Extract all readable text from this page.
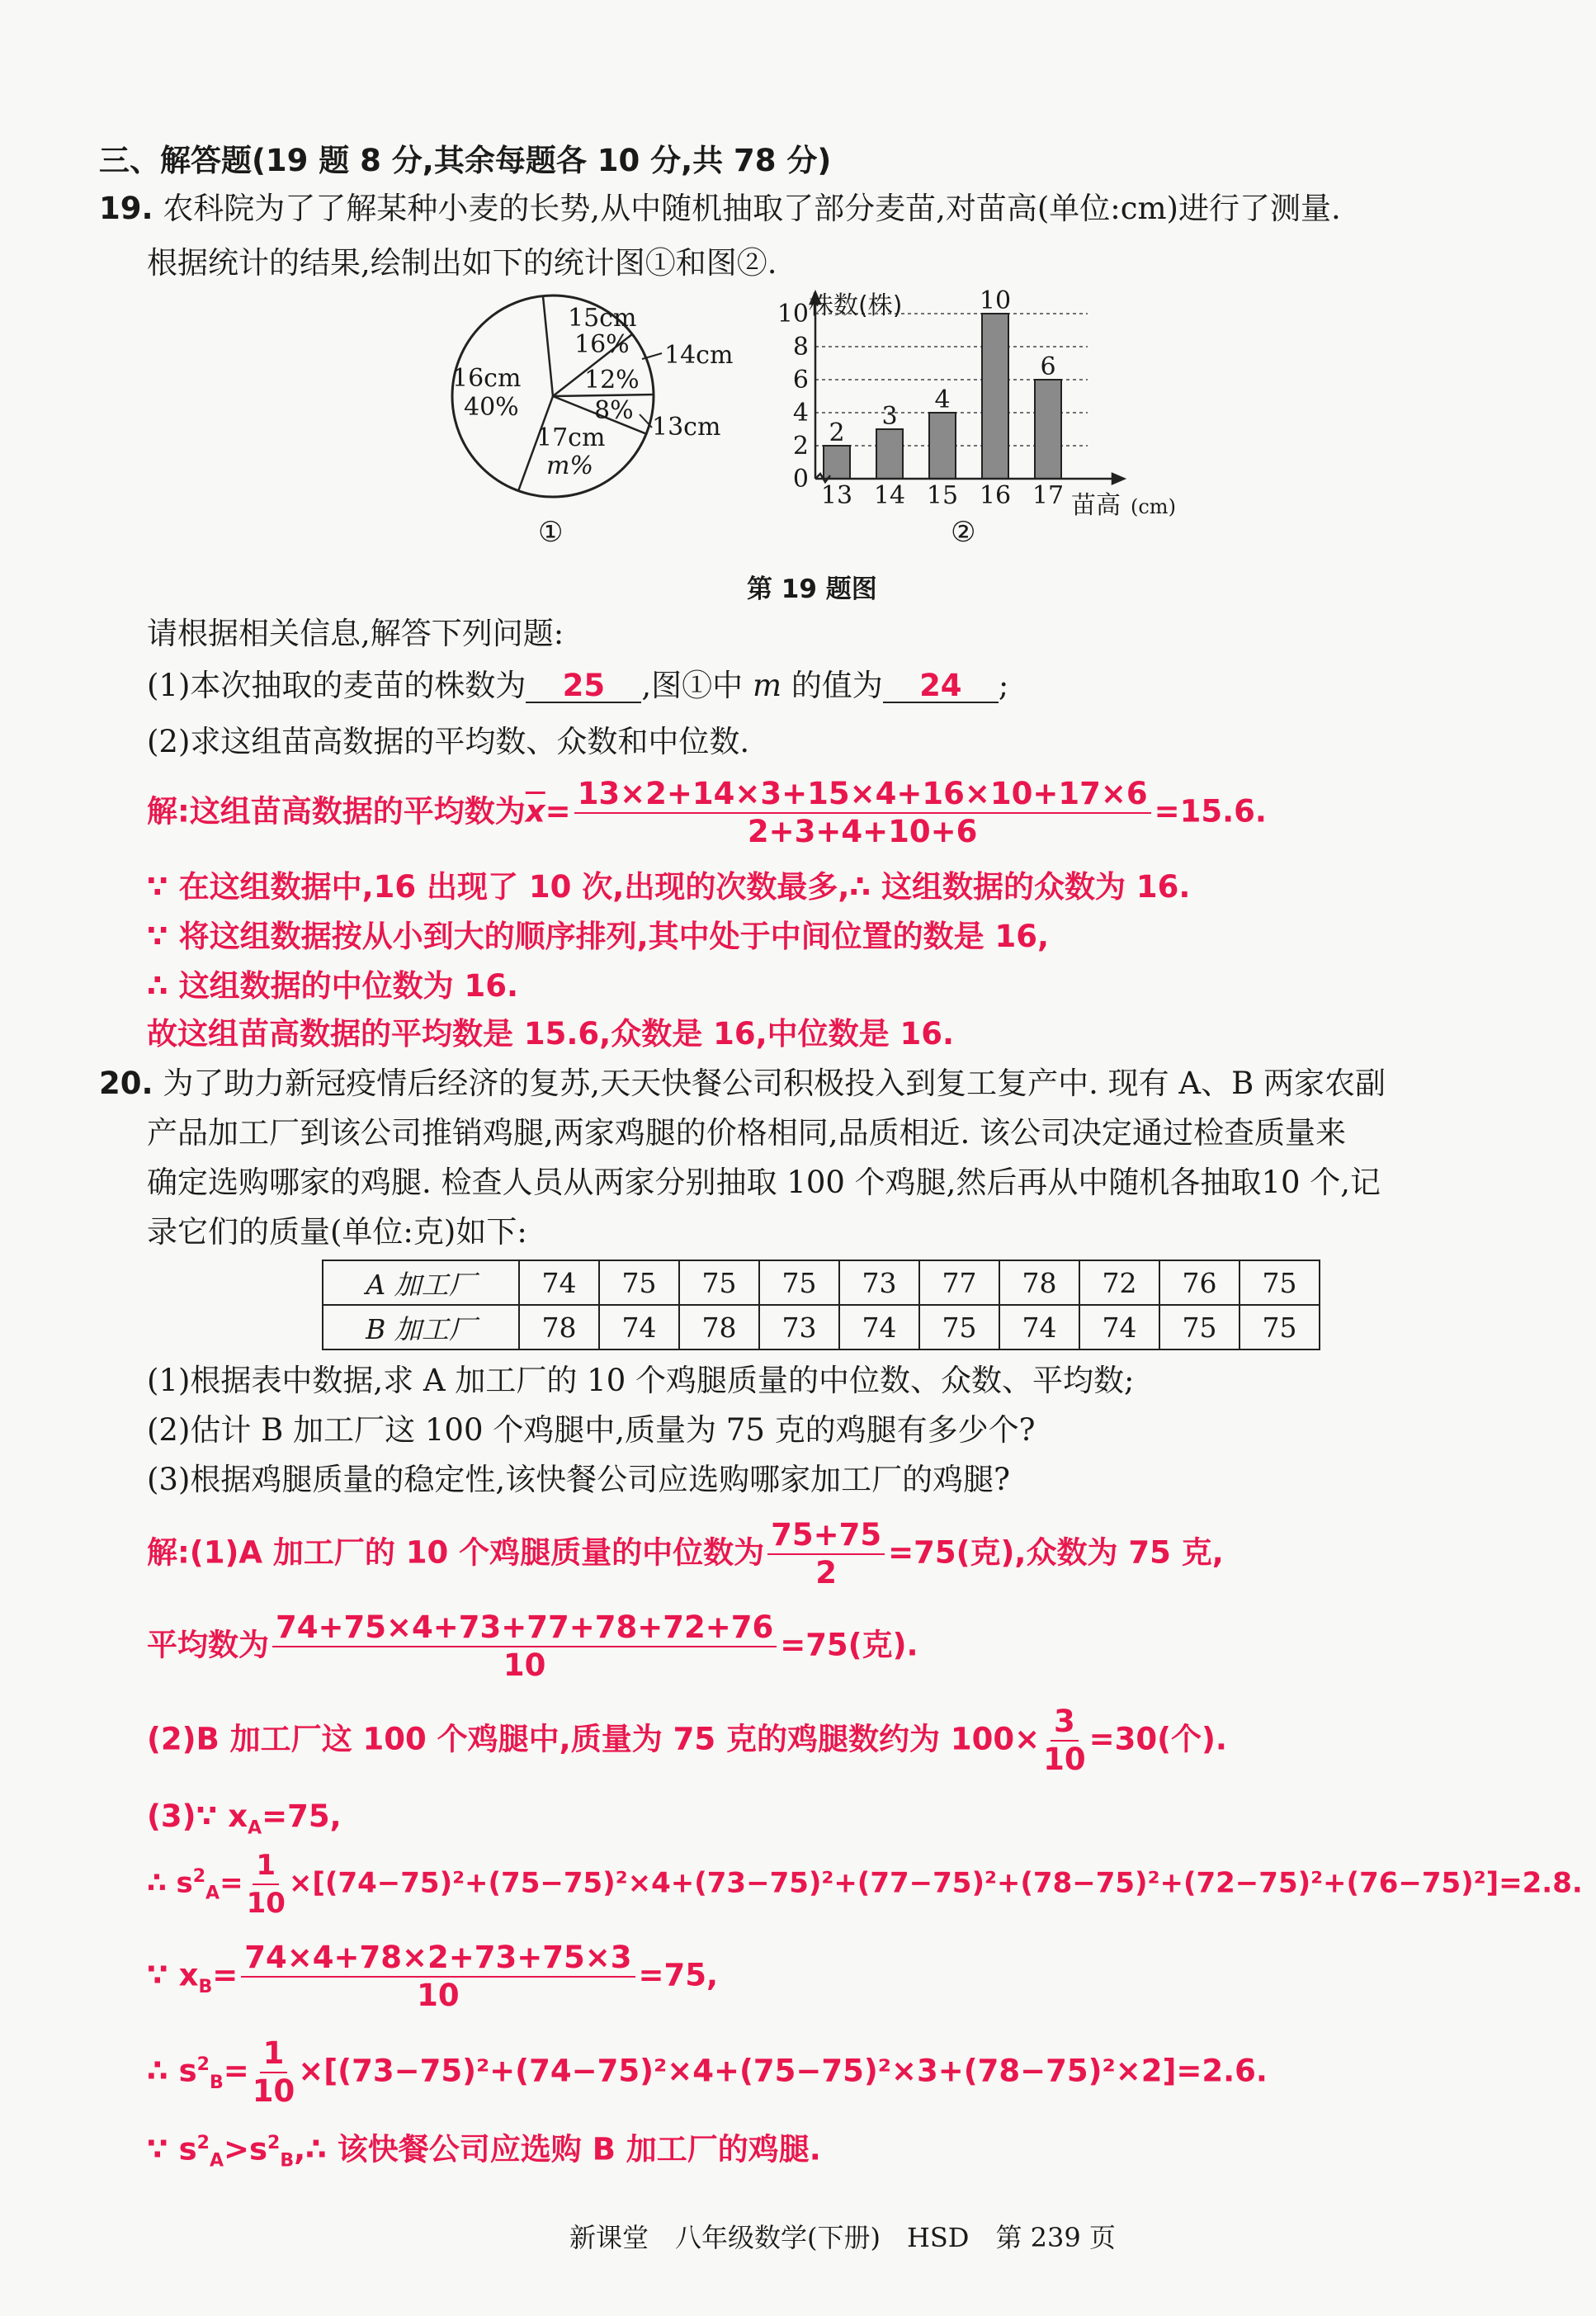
三、解答题(19 题 8 分,其余每题各 10 分,共 78 分)
19. 农科院为了了解某种小麦的长势,从中随机抽取了部分麦苗,对苗高(单位:cm)进行了测量.
根据统计的结果,绘制出如下的统计图①和图②.
15cm
16%
12%
8%
14cm
13cm
16cm
40%
17cm
m%
①
0
2
4
6
8
10
13 14 15 16 17
2
3
4
10
6
株数(株)
苗高 (cm)
②
第 19 题图
请根据相关信息,解答下列问题:
(1)本次抽取的麦苗的株数为 25 ,图①中 m 的值为 24 ;
(2)求这组苗高数据的平均数、众数和中位数.
解:这组苗高数据的平均数为$\overline{x}= \frac{13\times 2+14\times 3+15\times 4+16\times 10+17\times 6}{2+3+4+10+6} =15.6$.
∵ 在这组数据中,16 出现了 10 次,出现的次数最多,∴ 这组数据的众数为 16.
∵ 将这组数据按从小到大的顺序排列,其中处于中间位置的数是 16,
∴ 这组数据的中位数为 16.
故这组苗高数据的平均数是 15.6,众数是 16,中位数是 16.
20. 为了助力新冠疫情后经济的复苏,天天快餐公司积极投入到复工复产中. 现有 A、B 两家农副
产品加工厂到该公司推销鸡腿,两家鸡腿的价格相同,品质相近. 该公司决定通过检查质量来
确定选购哪家的鸡腿. 检查人员从两家分别抽取 100 个鸡腿,然后再从中随机各抽取10 个,记
录它们的质量(单位:克)如下:
A 加工厂	74	75	75	75	73	77	78	72	76	75
B 加工厂	78	74	78	73	74	75	74	74	75	75
(1)根据表中数据,求 A 加工厂的 10 个鸡腿质量的中位数、众数、平均数;
(2)估计 B 加工厂这 100 个鸡腿中,质量为 75 克的鸡腿有多少个?
(3)根据鸡腿质量的稳定性,该快餐公司应选购哪家加工厂的鸡腿?
解:(1)A 加工厂的 10 个鸡腿质量的中位数为 $\frac{75+75}{2} =75$(克),众数为 75 克,
平均数为 $\frac{74+75\times 4+73+77+78+72+76}{10} =75$(克).
(2)B 加工厂这 100 个鸡腿中,质量为 75 克的鸡腿数约为 $100\times \frac{3}{10} =30$(个).
(3)∵ $x_A=75$,
∴ $s^2_A= \frac{1}{10} \times[(74-75)^2+(75-75)^2\times 4+(73-75)^2+(77-75)^2+(78-75)^2+(72-75)^2+(76-75)^2]=2.8$.
∵ $x_B= \frac{74\times 4+78\times 2+73+75\times 3}{10} =75$,
∴ $s^2_B= \frac{1}{10} \times[(73-75)^2+(74-75)^2\times 4+(75-75)^2\times 3+(78-75)^2\times 2]=2.6$.
∵ $s^2_A>s^2_B,\therefore$ 该快餐公司应选购 B 加工厂的鸡腿.
新课堂　八年级数学(下册)　HSD　第 239 页
